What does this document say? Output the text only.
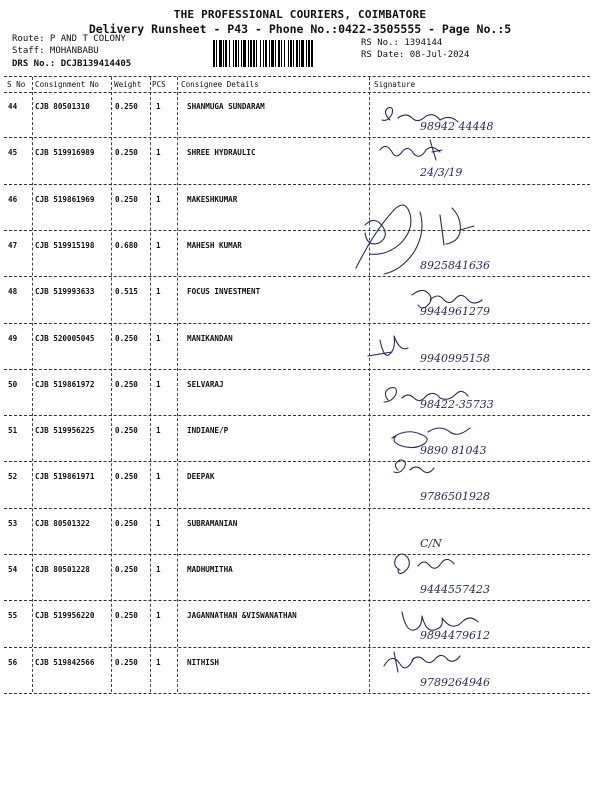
THE PROFESSIONAL COURIERS, COIMBATORE
Delivery Runsheet - P43 - Phone No.:0422-3505555 - Page No.:5
Route: P AND T COLONY
Staff: MOHANBABU
DRS No.: DCJB139414405
RS No.: 1394144
RS Date: 08-Jul-2024
S No Consignment No Weight PCS Consignee Details	Signature
44 CJB 80501310	0.250 1	SHANMUGA SUNDARAM
98942 44448
45 CJB 519916989	0.250 1	SHREE HYDRAULIC
24/3/19
46 CJB 519861969	0.250 1	MAKESHKUMAR
47 CJB 519915198	0.680 1	MAHESH KUMAR
8925841636
48 CJB 519993633	0.515 1	FOCUS INVESTMENT
9944961279
49 CJB 520005045	0.250 1	MANIKANDAN
9940995158
50 CJB 519861972	0.250 1	SELVARAJ
98422-35733
51 CJB 519956225	0.250 1	INDIANE/P
9890 81043
52 CJB 519861971	0.250 1	DEEPAK
9786501928
53 CJB 80501322	0.250 1	SUBRAMANIAN
C/N
54 CJB 80501228	0.250 1	MADHUMITHA
9444557423
55 CJB 519956220	0.250 1	JAGANNATHAN &VISWANATHAN
9894479612
56 CJB 519842566	0.250 1	NITHISH
9789264946
